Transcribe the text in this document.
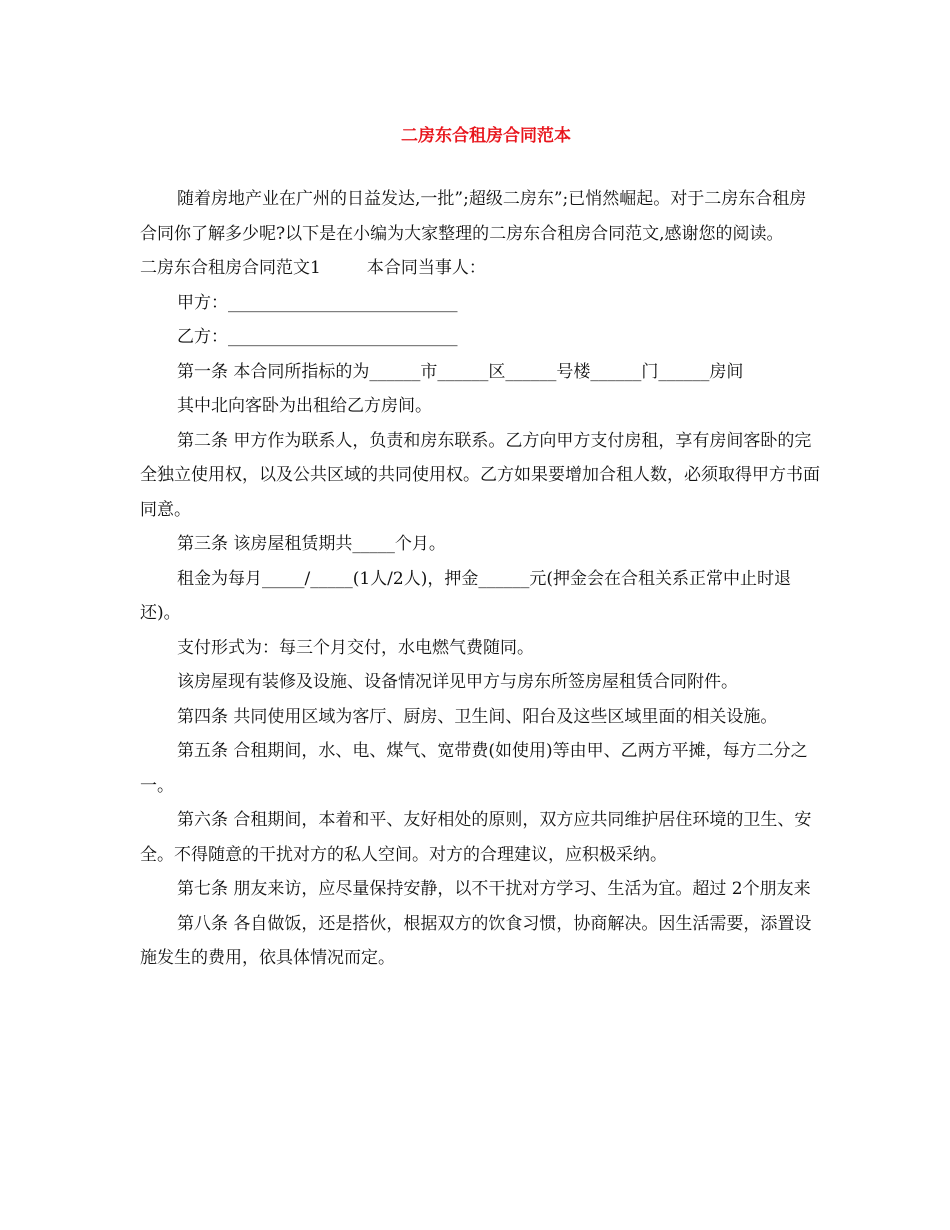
二房东合租房合同范本

随着房地产业在广州的日益发达,一批”;超级二房东”;已悄然崛起。对于二房东合租房合同你了解多少呢?以下是在小编为大家整理的二房东合租房合同范文,感谢您的阅读。

二房东合租房合同范文1	本合同当事人：

甲方：___________________________

乙方：___________________________

第一条 本合同所指标的为______市______区______号楼______门______房间

其中北向客卧为出租给乙方房间。

第二条 甲方作为联系人，负责和房东联系。乙方向甲方支付房租，享有房间客卧的完全独立使用权，以及公共区域的共同使用权。乙方如果要增加合租人数，必须取得甲方书面同意。

第三条 该房屋租赁期共_____个月。

租金为每月_____/_____(1人/2人)，押金______元(押金会在合租关系正常中止时退还)。

支付形式为：每三个月交付，水电燃气费随同。

该房屋现有装修及设施、设备情况详见甲方与房东所签房屋租赁合同附件。

第四条 共同使用区域为客厅、厨房、卫生间、阳台及这些区域里面的相关设施。

第五条 合租期间，水、电、煤气、宽带费(如使用)等由甲、乙两方平摊，每方二分之一。

第六条 合租期间，本着和平、友好相处的原则，双方应共同维护居住环境的卫生、安全。不得随意的干扰对方的私人空间。对方的合理建议，应积极采纳。

第七条 朋友来访，应尽量保持安静，以不干扰对方学习、生活为宜。超过 2个朋友来

第八条 各自做饭，还是搭伙，根据双方的饮食习惯，协商解决。因生活需要，添置设施发生的费用，依具体情况而定。
